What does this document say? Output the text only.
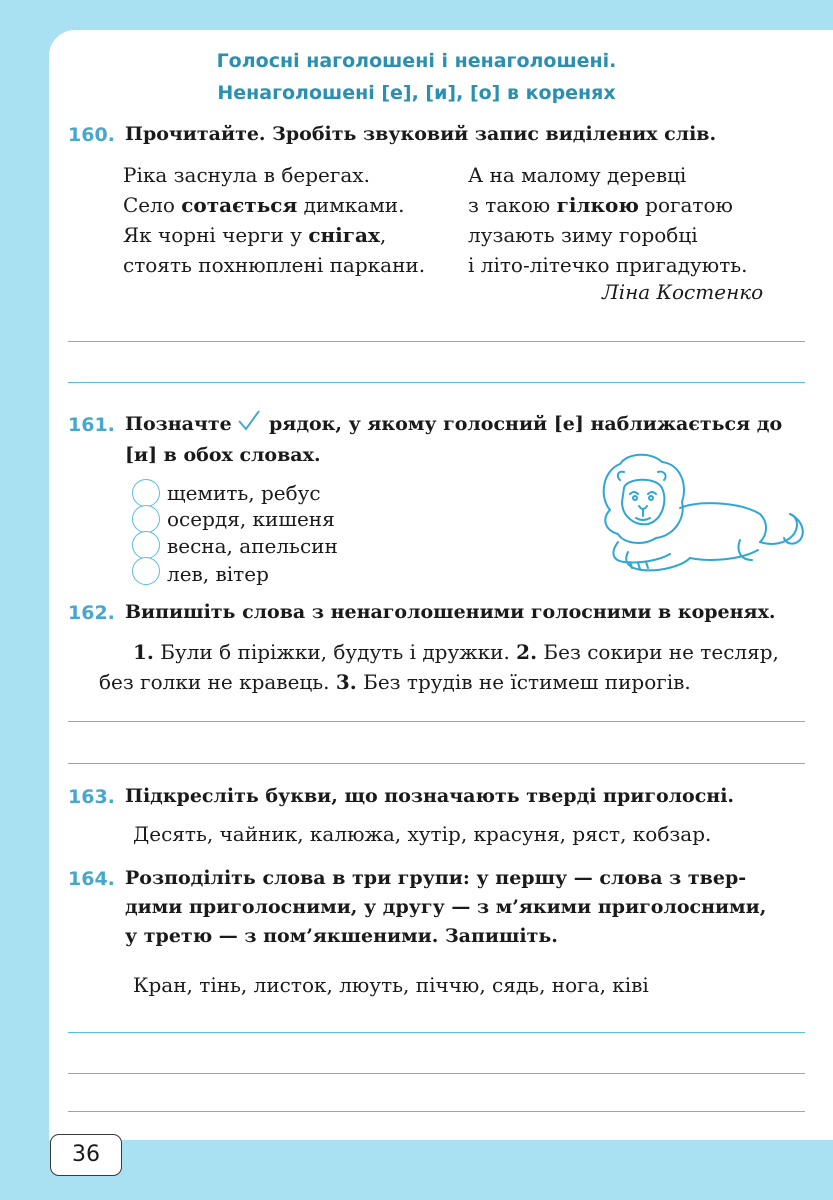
Голосні наголошені і ненаголошені.
Ненаголошені [е], [и], [о] в коренях
160. Прочитайте. Зробіть звуковий запис виділених слів.
Ріка заснула в берегах.
Село сотається димками.
Як чорні черги у снігах,
стоять похнюплені паркани.
А на малому деревці
з такою гілкою рогатою
лузають зиму горобці
і літо-літечко пригадують.
Ліна Костенко
161. Позначте рядок, у якому голосний [е] наближається до
[и] в обох словах.
щемить, ребус
осердя, кишеня
весна, апельсин
лев, вітер
162. Випишіть слова з ненаголошеними голосними в коренях.
1. Були б піріжки, будуть і дружки. 2. Без сокири не тесляр,
без голки не кравець. 3. Без трудів не їстимеш пирогів.
163. Підкресліть букви, що позначають тверді приголосні.
Десять, чайник, калюжа, хутір, красуня, ряст, кобзар.
164. Розподіліть слова в три групи: у першу — слова з твер-
дими приголосними, у другу — з м’якими приголосними,
у третю — з пом’якшеними. Запишіть.
Кран, тінь, листок, люуть, піччю, сядь, нога, ківі
36
